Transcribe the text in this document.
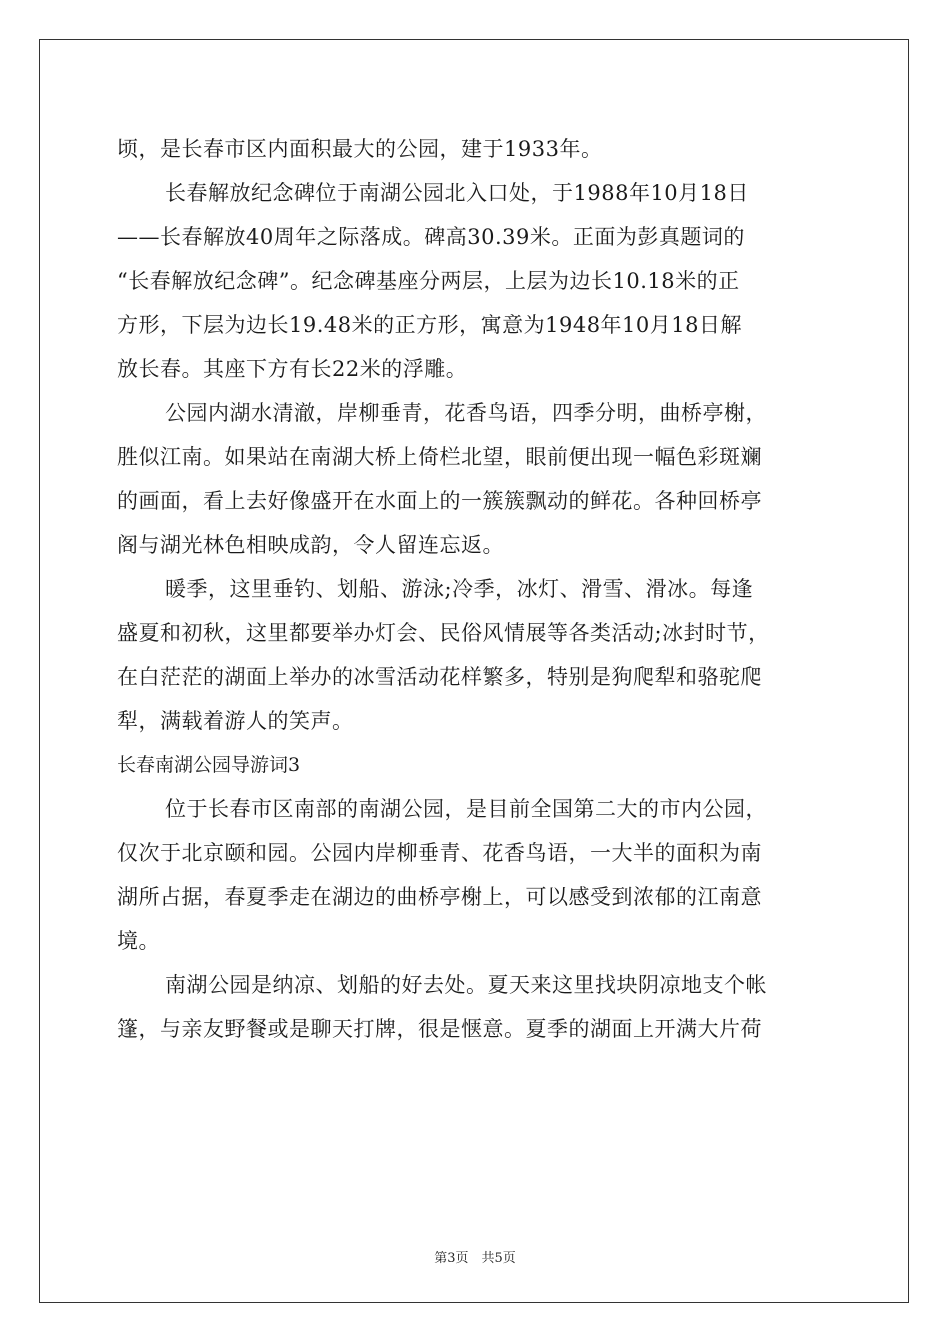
顷，是长春市区内面积最大的公园，建于1933年。
长春解放纪念碑位于南湖公园北入口处，于1988年10月18日
——长春解放40周年之际落成。碑高30.39米。正面为彭真题词的
“长春解放纪念碑”。纪念碑基座分两层，上层为边长10.18米的正
方形，下层为边长19.48米的正方形，寓意为1948年10月18日解
放长春。其座下方有长22米的浮雕。
公园内湖水清澈，岸柳垂青，花香鸟语，四季分明，曲桥亭榭，
胜似江南。如果站在南湖大桥上倚栏北望，眼前便出现一幅色彩斑斓
的画面，看上去好像盛开在水面上的一簇簇飘动的鲜花。各种回桥亭
阁与湖光林色相映成韵，令人留连忘返。
暖季，这里垂钓、划船、游泳;冷季，冰灯、滑雪、滑冰。每逢
盛夏和初秋，这里都要举办灯会、民俗风情展等各类活动;冰封时节，
在白茫茫的湖面上举办的冰雪活动花样繁多，特别是狗爬犁和骆驼爬
犁，满载着游人的笑声。
长春南湖公园导游词3
位于长春市区南部的南湖公园，是目前全国第二大的市内公园，
仅次于北京颐和园。公园内岸柳垂青、花香鸟语，一大半的面积为南
湖所占据，春夏季走在湖边的曲桥亭榭上，可以感受到浓郁的江南意
境。
南湖公园是纳凉、划船的好去处。夏天来这里找块阴凉地支个帐
篷，与亲友野餐或是聊天打牌，很是惬意。夏季的湖面上开满大片荷
第3页　共5页
